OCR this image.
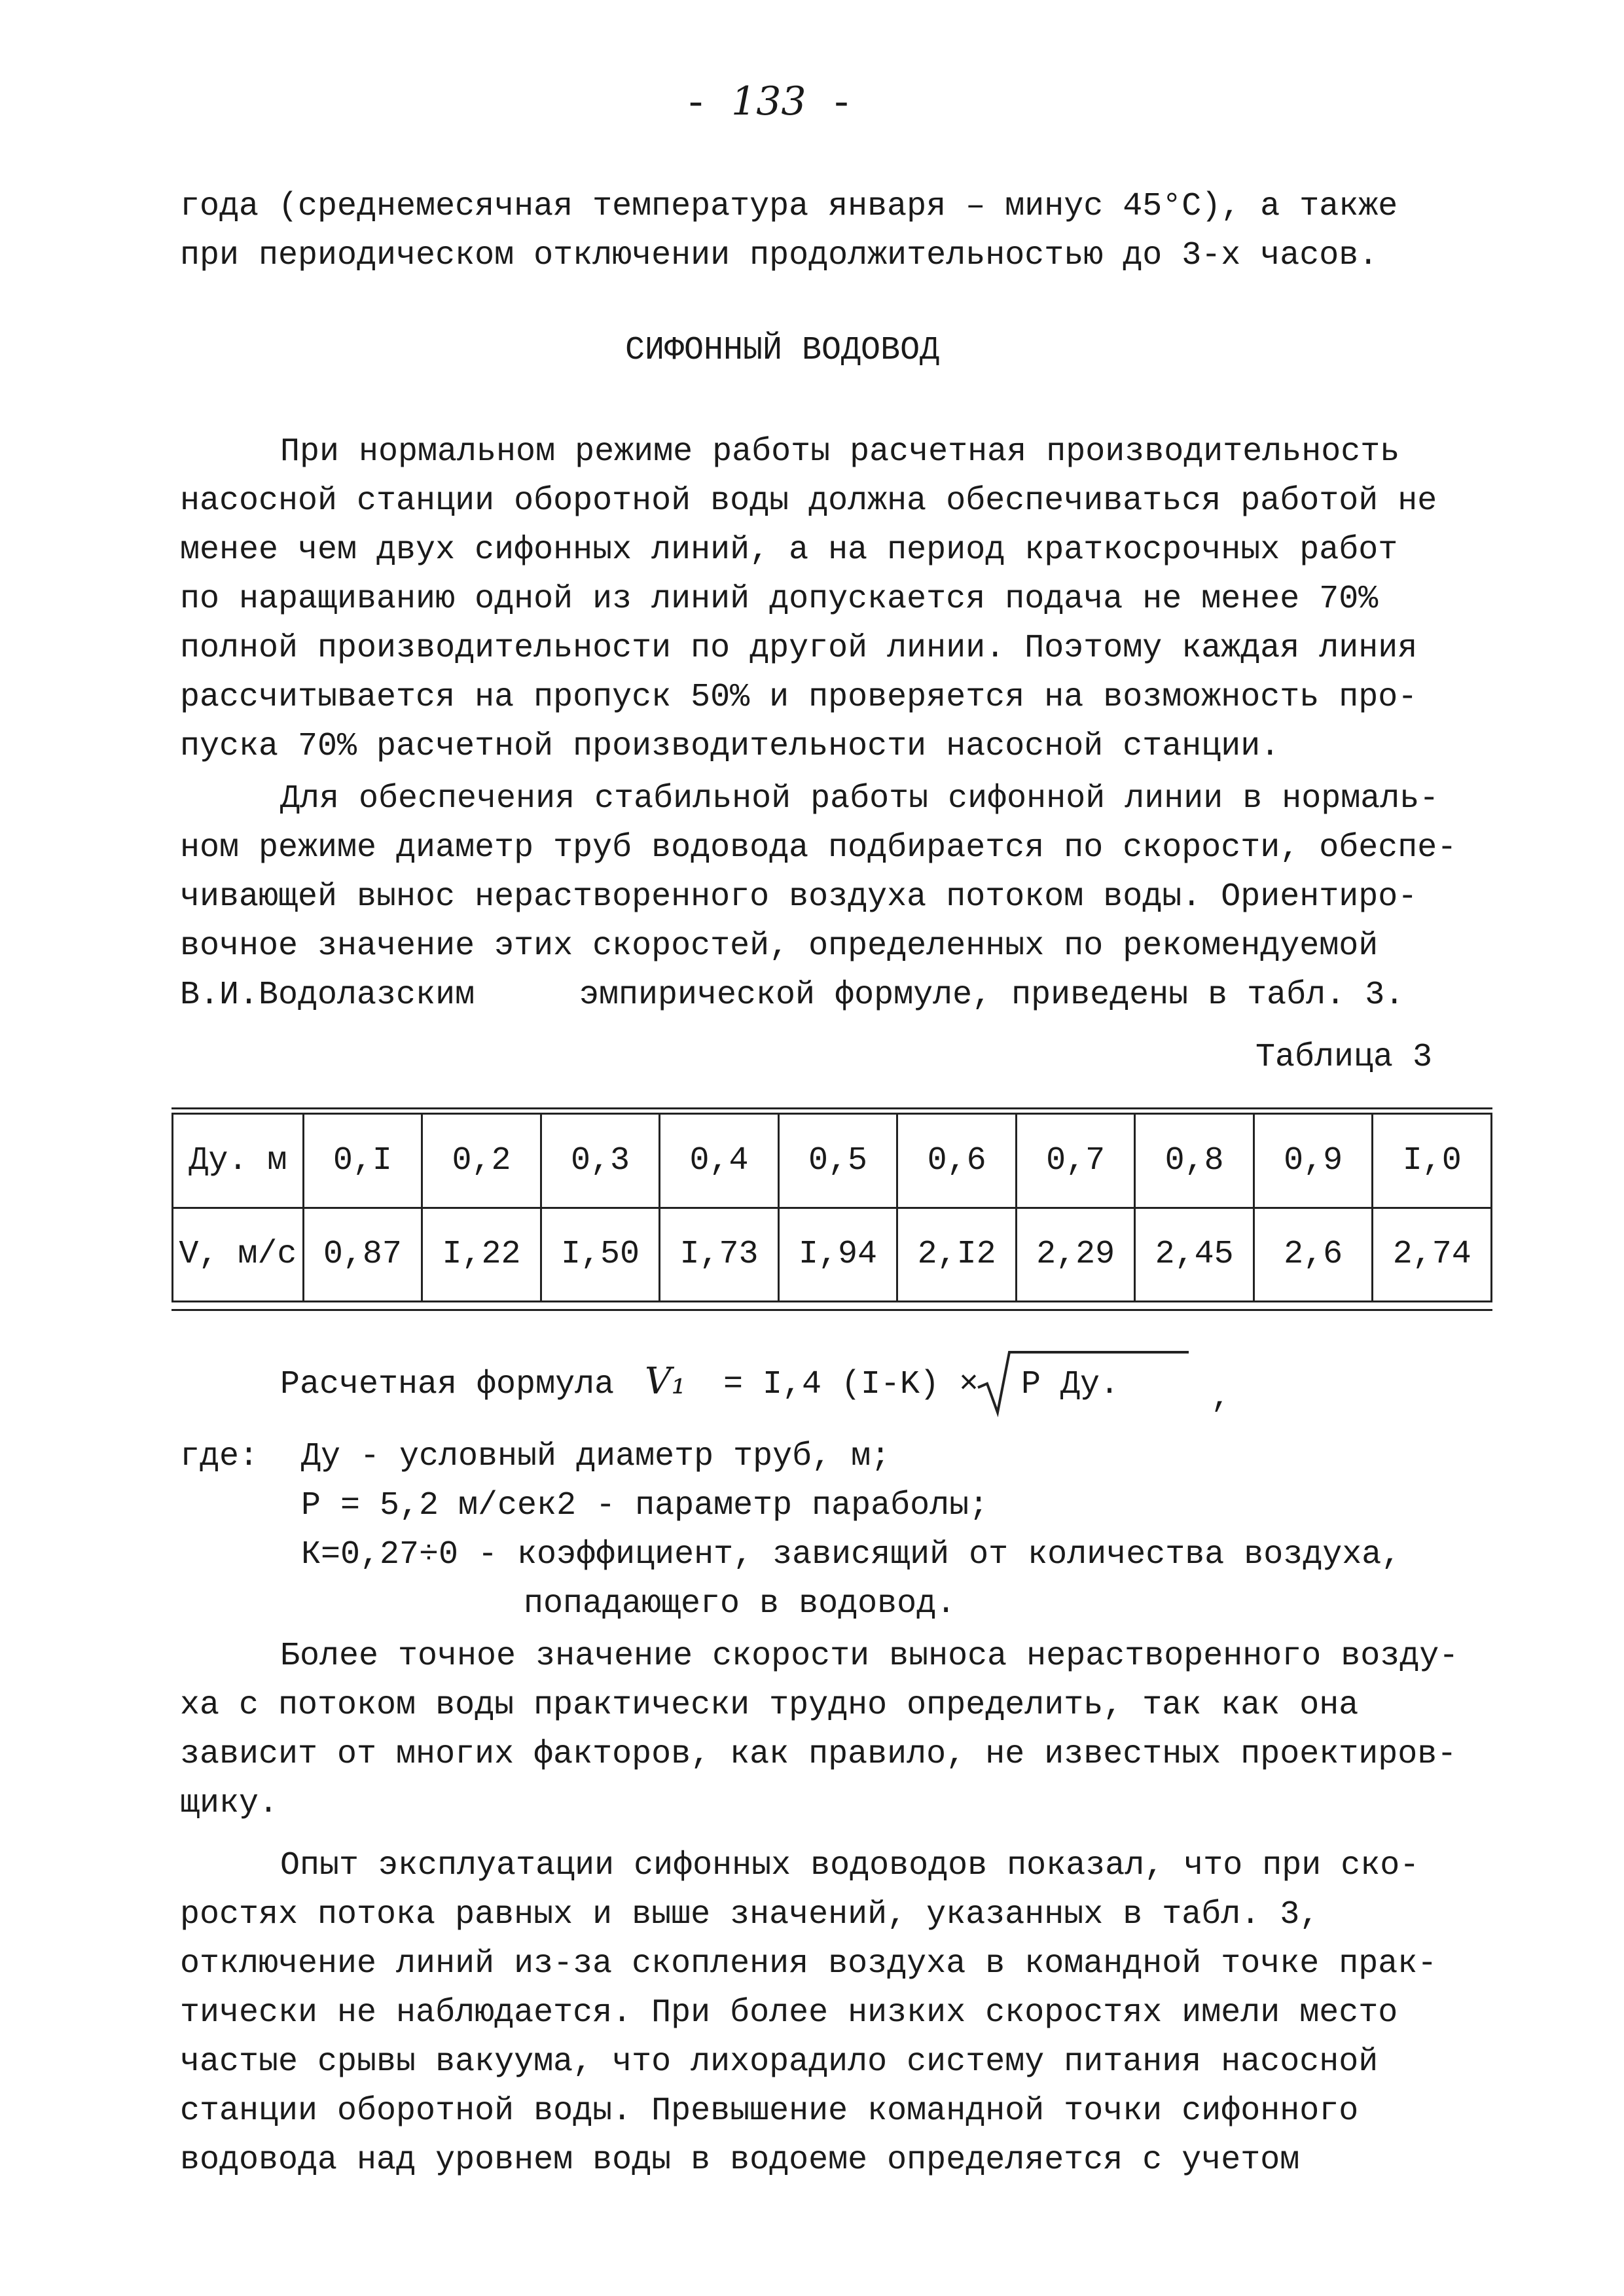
- 133 -
года (среднемесячная температура января – минус 45°С), а также
при периодическом отключении продолжительностью до 3-х часов.
СИФОННЫЙ ВОДОВОД
При нормальном режиме работы расчетная производительность
насосной станции оборотной воды должна обеспечиваться работой не
менее чем двух сифонных линий, а на период краткосрочных работ
по наращиванию одной из линий допускается подача не менее 70%
полной производительности по другой линии. Поэтому каждая линия
рассчитывается на пропуск 50% и проверяется на возможность про-
пуска 70% расчетной производительности насосной станции.
Для обеспечения стабильной работы сифонной линии в нормаль-
ном режиме диаметр труб водовода подбирается по скорости, обеспе-
чивающей вынос нерастворенного воздуха потоком воды. Ориентиро-
вочное значение этих скоростей, определенных по рекомендуемой
В.И.Водолазским	эмпирической формуле, приведены в табл. 3.
Таблица 3
Ду. м	0,I	0,2	0,3	0,4	0,5	0,6	0,7	0,8	0,9	I,0
V, м/с	0,87	I,22	I,50	I,73	I,94	2,I2	2,29	2,45	2,6	2,74
Расчетная формула V₁ = I,4 (I-K) × P Ду.	,
где: Ду - условный диаметр труб, м;
P = 5,2 м/сек2 - параметр параболы;
К=0,27÷0 - коэффициент, зависящий от количества воздуха,
попадающего в водовод.
Более точное значение скорости выноса нерастворенного возду-
ха с потоком воды практически трудно определить, так как она
зависит от многих факторов, как правило, не известных проектиров-
щику.
Опыт эксплуатации сифонных водоводов показал, что при ско-
ростях потока равных и выше значений, указанных в табл. 3,
отключение линий из-за скопления воздуха в командной точке прак-
тически не наблюдается. При более низких скоростях имели место
частые срывы вакуума, что лихорадило систему питания насосной
станции оборотной воды. Превышение командной точки сифонного
водовода над уровнем воды в водоеме определяется с учетом
